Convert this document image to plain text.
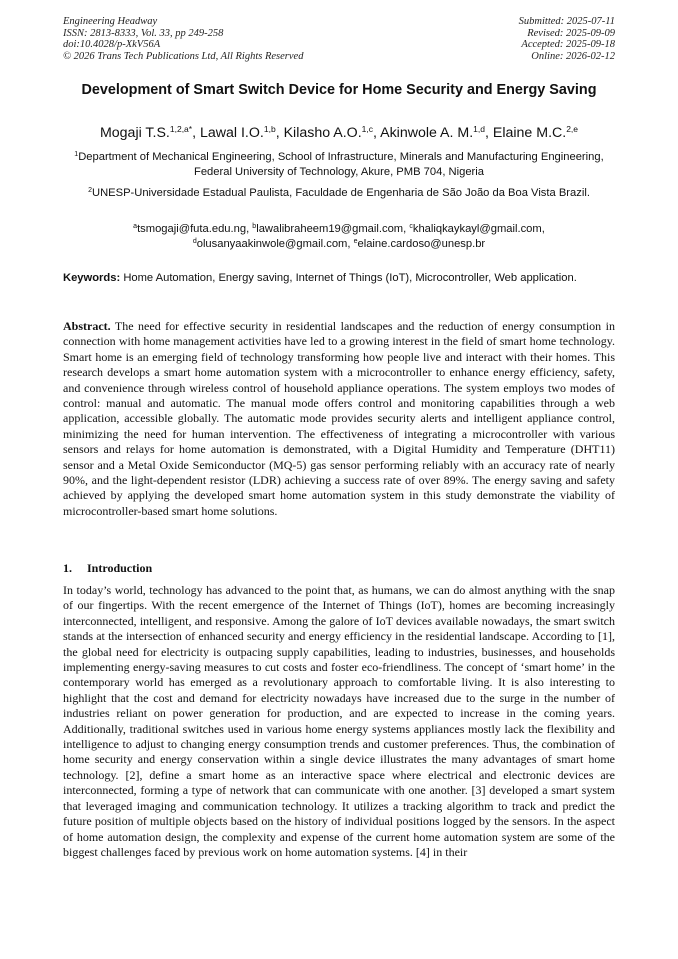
Engineering Headway
ISSN: 2813-8333, Vol. 33, pp 249-258
doi:10.4028/p-XkV56A
© 2026 Trans Tech Publications Ltd, All Rights Reserved
Submitted: 2025-07-11
Revised: 2025-09-09
Accepted: 2025-09-18
Online: 2026-02-12
Development of Smart Switch Device for Home Security and Energy Saving
Mogaji T.S.$^{1,2,a*}$, Lawal I.O.$^{1,b}$, Kilasho A.O.$^{1,c}$, Akinwole A. M.$^{1,d}$, Elaine M.C.$^{2,e}$
$^1$Department of Mechanical Engineering, School of Infrastructure, Minerals and Manufacturing Engineering, Federal University of Technology, Akure, PMB 704, Nigeria
$^2$UNESP-Universidade Estadual Paulista, Faculdade de Engenharia de São João da Boa Vista Brazil.
$^a$tsmogaji@futa.edu.ng, $^b$lawalibraheem19@gmail.com, $^c$khaliqkaykayl@gmail.com,
$^d$olusanyaakinwole@gmail.com, $^e$elaine.cardoso@unesp.br
Keywords: Home Automation, Energy saving, Internet of Things (IoT), Microcontroller, Web application.
Abstract. The need for effective security in residential landscapes and the reduction of energy consumption in connection with home management activities have led to a growing interest in the field of smart home technology. Smart home is an emerging field of technology transforming how people live and interact with their homes. This research develops a smart home automation system with a microcontroller to enhance energy efficiency, safety, and convenience through wireless control of household appliance operations. The system employs two modes of control: manual and automatic. The manual mode offers control and monitoring capabilities through a web application, accessible globally. The automatic mode provides security alerts and intelligent appliance control, minimizing the need for human intervention. The effectiveness of integrating a microcontroller with various sensors and relays for home automation is demonstrated, with a Digital Humidity and Temperature (DHT11) sensor and a Metal Oxide Semiconductor (MQ-5) gas sensor performing reliably with an accuracy rate of nearly 90%, and the light-dependent resistor (LDR) achieving a success rate of over 89%. The energy saving and safety achieved by applying the developed smart home automation system in this study demonstrate the viability of microcontroller-based smart home solutions.
1. Introduction
In today’s world, technology has advanced to the point that, as humans, we can do almost anything with the snap of our fingertips. With the recent emergence of the Internet of Things (IoT), homes are becoming increasingly interconnected, intelligent, and responsive. Among the galore of IoT devices available nowadays, the smart switch stands at the intersection of enhanced security and energy efficiency in the residential landscape. According to [1], the global need for electricity is outpacing supply capabilities, leading to industries, businesses, and households implementing energy-saving measures to cut costs and foster eco-friendliness. The concept of ‘smart home’ in the contemporary world has emerged as a revolutionary approach to comfortable living. It is also interesting to highlight that the cost and demand for electricity nowadays have increased due to the surge in the number of industries reliant on power generation for production, and are expected to increase in the coming years. Additionally, traditional switches used in various home energy systems appliances mostly lack the flexibility and intelligence to adjust to changing energy consumption trends and customer preferences. Thus, the combination of home security and energy conservation within a single device illustrates the many advantages of smart home technology. [2], define a smart home as an interactive space where electrical and electronic devices are interconnected, forming a type of network that can communicate with one another. [3] developed a smart system that leveraged imaging and communication technology. It utilizes a tracking algorithm to track and predict the future position of multiple objects based on the history of individual positions logged by the sensors. In the aspect of home automation design, the complexity and expense of the current home automation system are some of the biggest challenges faced by previous work on home automation systems. [4] in their
